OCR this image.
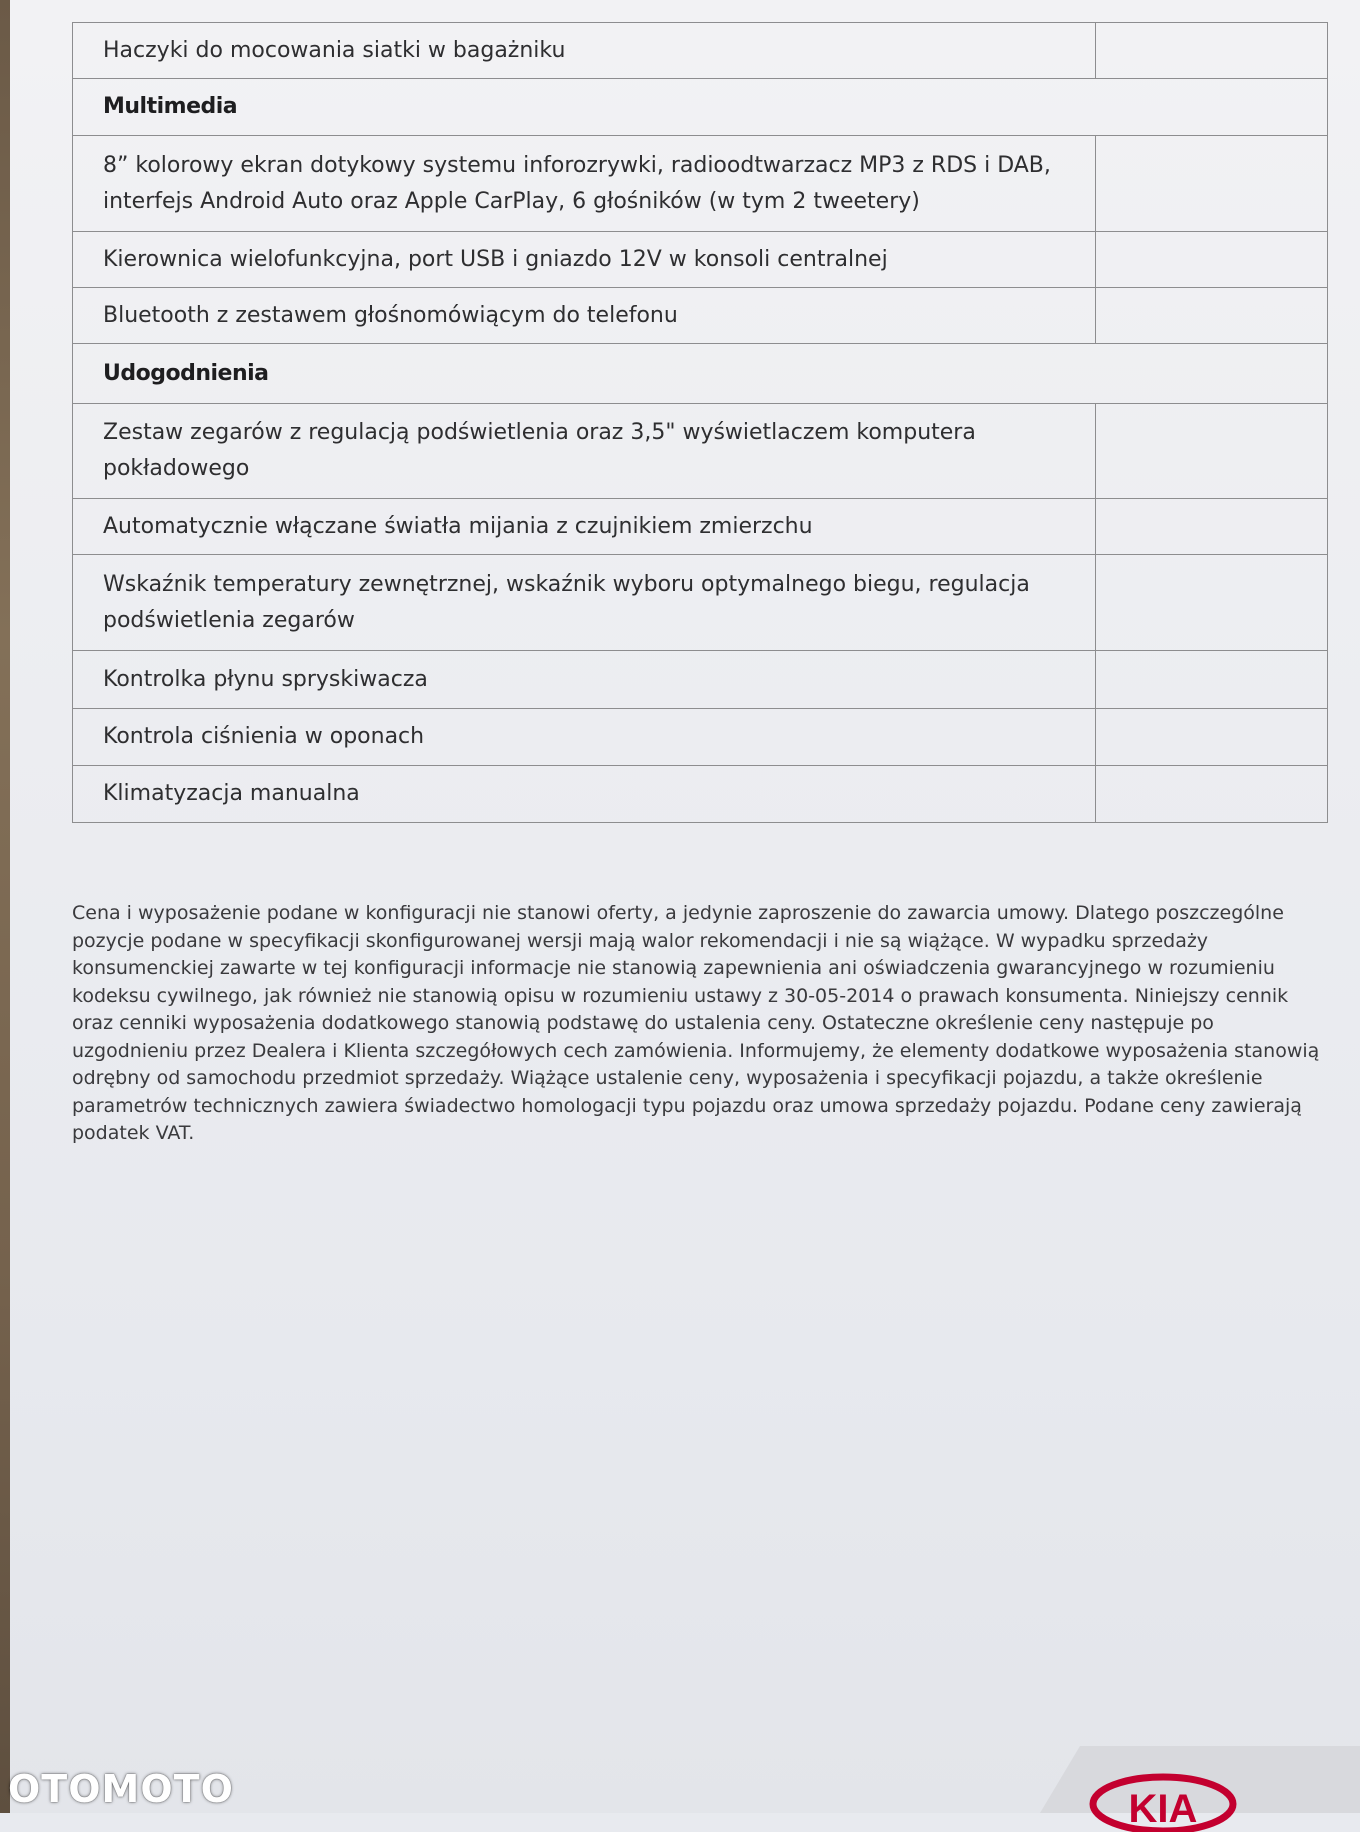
Haczyki do mocowania siatki w bagażniku	
Multimedia	
8” kolorowy ekran dotykowy systemu inforozrywki, radioodtwarzacz MP3 z RDS i DAB, interfejs Android Auto oraz Apple CarPlay, 6 głośników (w tym 2 tweetery)	
Kierownica wielofunkcyjna, port USB i gniazdo 12V w konsoli centralnej	
Bluetooth z zestawem głośnomówiącym do telefonu	
Udogodnienia	
Zestaw zegarów z regulacją podświetlenia oraz 3,5" wyświetlaczem komputera pokładowego	
Automatycznie włączane światła mijania z czujnikiem zmierzchu	
Wskaźnik temperatury zewnętrznej, wskaźnik wyboru optymalnego biegu, regulacja podświetlenia zegarów	
Kontrolka płynu spryskiwacza	
Kontrola ciśnienia w oponach	
Klimatyzacja manualna	

Cena i wyposażenie podane w konfiguracji nie stanowi oferty, a jedynie zaproszenie do zawarcia umowy. Dlatego poszczególne pozycje podane w specyfikacji skonfigurowanej wersji mają walor rekomendacji i nie są wiążące. W wypadku sprzedaży konsumenckiej zawarte w tej konfiguracji informacje nie stanowią zapewnienia ani oświadczenia gwarancyjnego w rozumieniu kodeksu cywilnego, jak również nie stanowią opisu w rozumieniu ustawy z 30-05-2014 o prawach konsumenta. Niniejszy cennik oraz cenniki wyposażenia dodatkowego stanowią podstawę do ustalenia ceny. Ostateczne określenie ceny następuje po uzgodnieniu przez Dealera i Klienta szczegółowych cech zamówienia. Informujemy, że elementy dodatkowe wyposażenia stanowią odrębny od samochodu przedmiot sprzedaży. Wiążące ustalenie ceny, wyposażenia i specyfikacji pojazdu, a także określenie parametrów technicznych zawiera świadectwo homologacji typu pojazdu oraz umowa sprzedaży pojazdu. Podane ceny zawierają podatek VAT.

KIA
OTOMOTO
